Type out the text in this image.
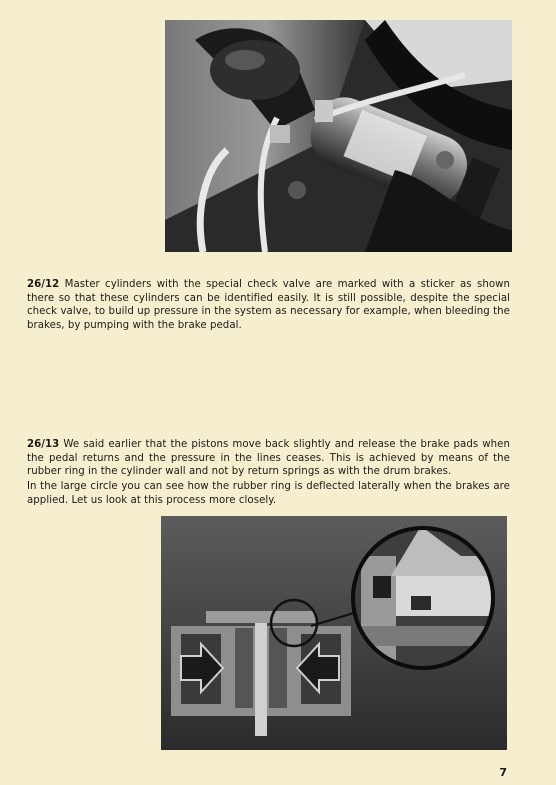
26/12 Master cylinders with the special check valve are marked with a sticker as shown there so that these cylinders can be identified easily. It is still possible, despite the special check valve, to build up pressure in the system as necessary for example, when bleeding the brakes, by pumping with the brake pedal.

26/13 We said earlier that the pistons move back slightly and release the brake pads when the pedal returns and the pressure in the lines ceases. This is achieved by means of the rubber ring in the cylinder wall and not by return springs as with the drum brakes.

In the large circle you can see how the rubber ring is deflected laterally when the brakes are applied. Let us look at this process more closely.

7
